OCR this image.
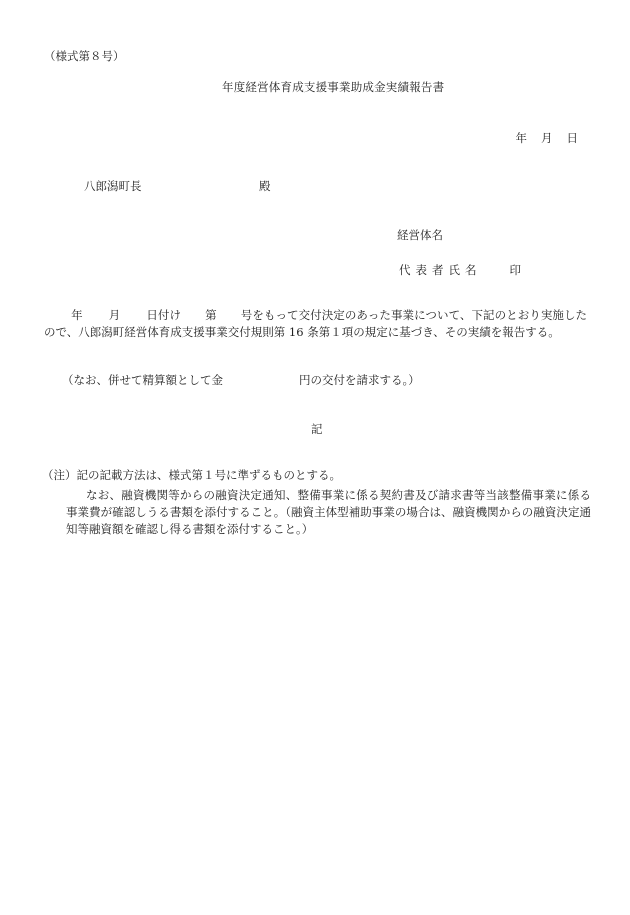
（様式第８号）
年度経営体育成支援事業助成金実績報告書
年 月 日
八郎潟町長	殿
経営体名
代表者氏名 印
年 月 日付け 第 号をもって交付決定のあった事業について、下記のとおり実施したので、八郎潟町経営体育成支援事業交付規則第 16 条第１項の規定に基づき、その実績を報告する。
（なお、併せて精算額として金	円の交付を請求する。）
記
（注）記の記載方法は、様式第１号に準ずるものとする。
なお、融資機関等からの融資決定通知、整備事業に係る契約書及び請求書等当該整備事業に係る事業費が確認しうる書類を添付すること。（融資主体型補助事業の場合は、融資機関からの融資決定通知等融資額を確認し得る書類を添付すること。）
